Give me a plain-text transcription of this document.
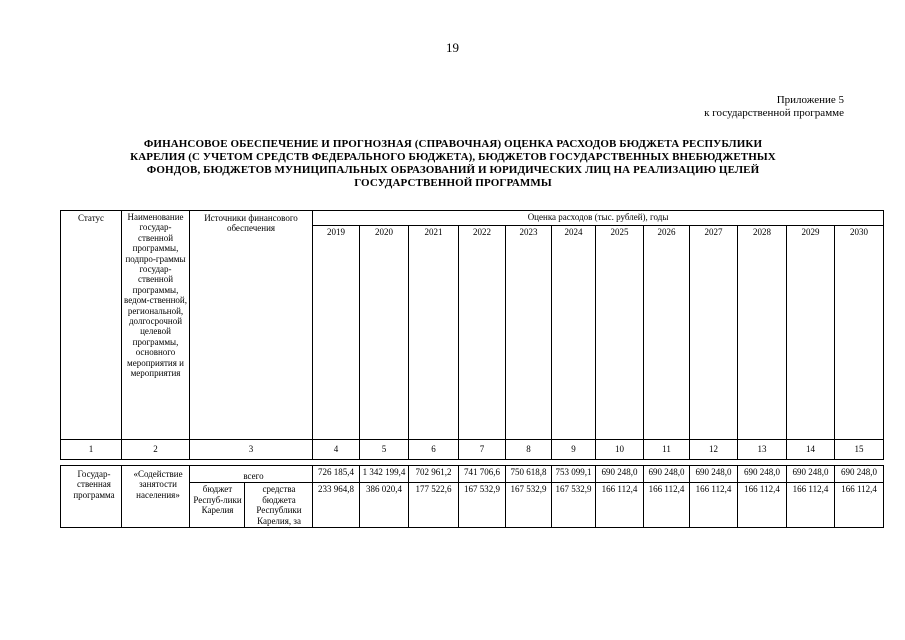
19
Приложение 5
к государственной программе
ФИНАНСОВОЕ ОБЕСПЕЧЕНИЕ И ПРОГНОЗНАЯ (СПРАВОЧНАЯ) ОЦЕНКА РАСХОДОВ БЮДЖЕТА РЕСПУБЛИКИ
КАРЕЛИЯ (С УЧЕТОМ СРЕДСТВ ФЕДЕРАЛЬНОГО БЮДЖЕТА), БЮДЖЕТОВ ГОСУДАРСТВЕННЫХ ВНЕБЮДЖЕТНЫХ
ФОНДОВ, БЮДЖЕТОВ МУНИЦИПАЛЬНЫХ ОБРАЗОВАНИЙ И ЮРИДИЧЕСКИХ ЛИЦ НА РЕАЛИЗАЦИЮ ЦЕЛЕЙ
ГОСУДАРСТВЕННОЙ ПРОГРАММЫ
Статус	Наименование государ-ственной программы, подпро-граммы государ-ственной программы, ведом-ственной, региональной, долгосрочной целевой программы, основного мероприятия и мероприятия	Источники финансового обеспечения		Оценка расходов (тыс. рублей), годы											
				2019	2020	2021	2022	2023	2024	2025	2026	2027	2028	2029	2030
1	2	3		4	5	6	7	8	9	10	11	12	13	14	15

Государ-ственная программа	«Содействие занятости населения»	всего		726 185,4	1 342 199,4	702 961,2	741 706,6	750 618,8	753 099,1	690 248,0	690 248,0	690 248,0	690 248,0	690 248,0	690 248,0
		бюджет Респуб-лики Карелия	средства бюджета Республики Карелия, за	233 964,8	386 020,4	177 522,6	167 532,9	167 532,9	167 532,9	166 112,4	166 112,4	166 112,4	166 112,4	166 112,4	166 112,4
